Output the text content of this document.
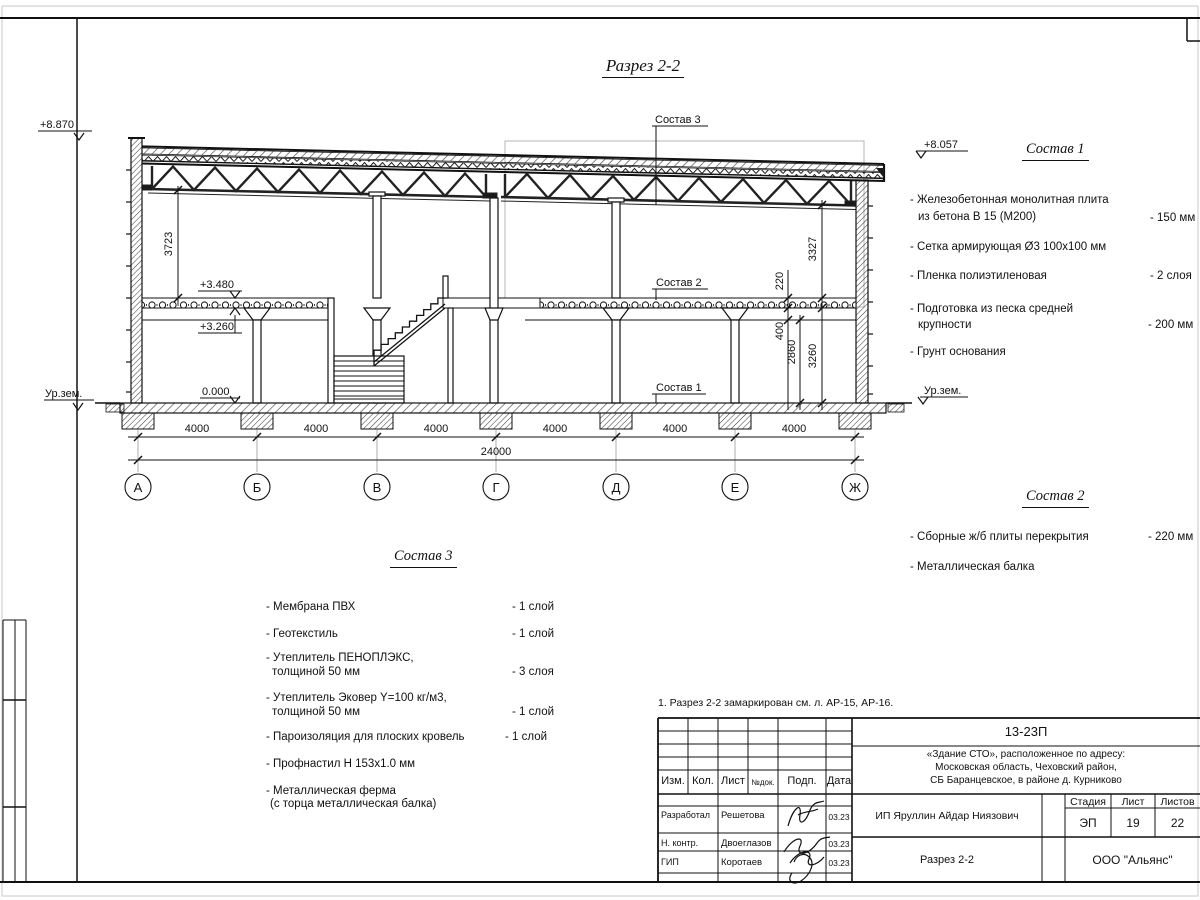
4000	4000	4000	4000	4000	4000
24000
А	Б	В	Г	Д	Е	Ж
3723
220
400
2860
3327
3260
+8.870
Ур.зем.
+3.480
+3.260
0.000
+8.057
Ур.зем.
Состав 3
Состав 2
Состав 1
Разрез 2-2
Состав 1
- Железобетонная монолитная плита
из бетона В 15 (М200)	- 150 мм
- Сетка армирующая Ø3 100х100 мм
- Пленка полиэтиленовая	- 2 слоя
- Подготовка из песка средней
крупности	- 200 мм
- Грунт основания
Состав 2
- Сборные ж/б плиты перекрытия	- 220 мм
- Металлическая балка
Состав 3
- Мембрана ПВХ	- 1 слой
- Геотекстиль	- 1 слой
- Утеплитель ПЕНОПЛЭКС,
толщиной 50 мм	- 3 слоя
- Утеплитель Эковер Y=100 кг/м3,
толщиной 50 мм	- 1 слой
- Пароизоляция для плоских кровель	- 1 слой
- Профнастил Н 153х1.0 мм
- Металлическая ферма
(с торца металлическая балка)
1. Разрез 2-2 замаркирован см. л. АР-15, АР-16.
13-23П
«Здание СТО», расположенное по адресу:
Московская область, Чеховский район,
СБ Баранцевское, в районе д. Курниково
Изм. Кол. Лист №док.	Подп. Дата
Разработал Решетова	03.23
Н. контр. Двоеглазов	03.23
ГИП	Коротаев	03.23
ИП Яруллин Айдар Ниязович
Стадия	Лист	Листов
ЭП	19	22
Разрез 2-2	ООО "Альянс"
